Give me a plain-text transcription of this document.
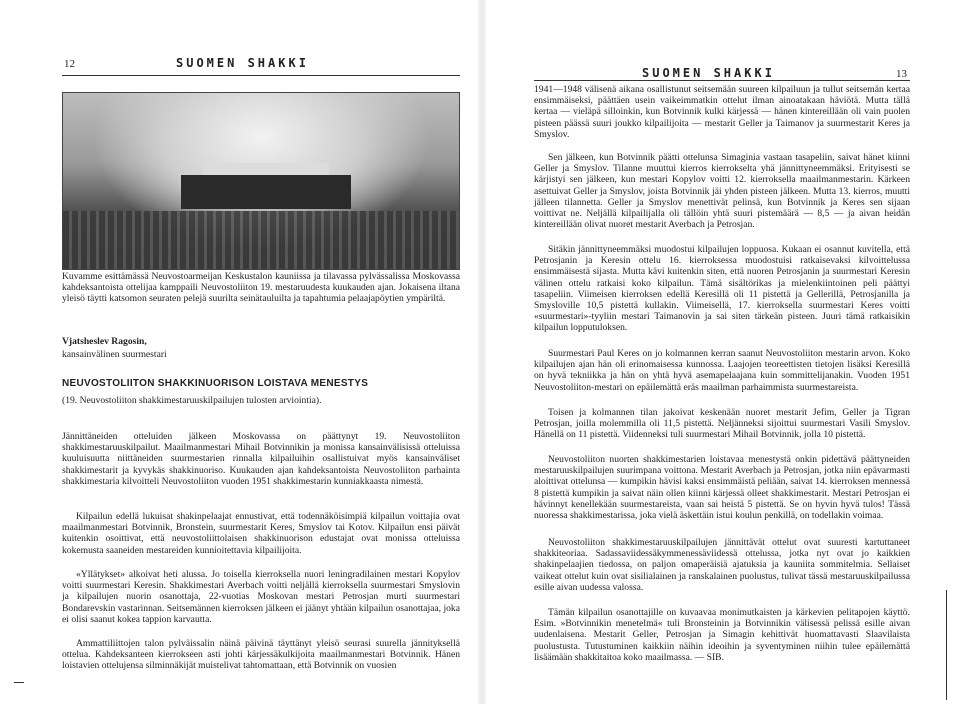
12	SUOMEN SHAKKI

Kuvamme esittämässä Neuvostoarmeijan Keskustalon kauniissa ja tilavassa pylvässalissa Moskovassa kahdeksantoista ottelijaa kamppaili Neuvostoliiton 19. mestaruudesta kuukauden ajan. Jokaisena iltana yleisö täytti katsomon seuraten pelejä suurilta seinätauluilta ja tapahtumia pelaajapöytien ympäriltä.

Vjatsheslev Ragosin,
kansainvälinen suurmestari
NEUVOSTOLIITON SHAKKINUORISON LOISTAVA MENESTYS
(19. Neuvostoliiton shakkimestaruuskilpailujen tulosten arviointia).

Jännittäneiden otteluiden jälkeen Moskovassa on päättynyt 19. Neuvostoliiton shakkimestaruuskilpailut. Maailmanmestari Mihail Botvinnikin ja monissa kansainvälisissä otteluissa kuuluisuutta niittäneiden suurmestarien rinnalla kilpailuihin osallistuivat myös kansainväliset shakkimestarit ja kyvykäs shakkinuoriso. Kuukauden ajan kahdeksantoista Neuvostoliiton parhainta shakkimestaria kilvoitteli Neuvostoliiton vuoden 1951 shakkimestarin kunniakkaasta nimestä.

Kilpailun edellä lukuisat shakinpelaajat ennustivat, että todennäköisimpiä kilpailun voittajia ovat maailmanmestari Botvinnik, Bronstein, suurmestarit Keres, Smyslov tai Kotov. Kilpailun ensi päivät kuitenkin osoittivat, että neuvostoliittolaisen shakkinuorison edustajat ovat monissa otteluissa kokemusta saaneiden mestareiden kunnioitettavia kilpailijoita.

«Yllätykset» alkoivat heti alussa. Jo toisella kierroksella nuori leningradilainen mestari Kopylov voitti suurmestari Keresin. Shakkimestari Averbach voitti neljällä kierroksella suurmestari Smyslovin ja kilpailujen nuorin osanottaja, 22-vuotias Moskovan mestari Petrosjan murti suurmestari Bondarevskin vastarinnan. Seitsemännen kierroksen jälkeen ei jäänyt yhtään kilpailun osanottajaa, joka ei olisi saanut kokea tappion karvautta.

Ammattiliittojen talon pylväissalin näinä päivinä täyttänyt yleisö seurasi suurella jännityksellä ottelua. Kahdeksanteen kierrokseen asti johti kärjessäkulkijoita maailmanmestari Botvinnik. Hänen loistavien ottelujensa silminnäkijät muistelivat tahtomattaan, että Botvinnik on vuosien

SUOMEN SHAKKI	13

1941—1948 välisenä aikana osallistunut seitsemään suureen kilpailuun ja tullut seitsemän kertaa ensimmäiseksi, päättäen usein vaikeimmatkin ottelut ilman ainoatakaan häviötä. Mutta tällä kertaa — vieläpä silloinkin, kun Botvinnik kulki kärjessä — hänen kintereillään oli vain puolen pisteen päässä suuri joukko kilpailijoita — mestarit Geller ja Taimanov ja suurmestarit Keres ja Smyslov.

Sen jälkeen, kun Botvinnik päätti ottelunsa Simaginia vastaan tasapeliin, saivat hänet kiinni Geller ja Smyslov. Tilanne muuttui kierros kierrokselta yhä jännittyneemmäksi. Erityisesti se kärjistyi sen jälkeen, kun mestari Kopylov voitti 12. kierroksella maailmanmestarin. Kärkeen asettuivat Geller ja Smyslov, joista Botvinnik jäi yhden pisteen jälkeen. Mutta 13. kierros, muutti jälleen tilannetta. Geller ja Smyslov menettivät pelinsä, kun Botvinnik ja Keres sen sijaan voittivat ne. Neljällä kilpailijalla oli tällöin yhtä suuri pistemäärä — 8,5 — ja aivan heidän kintereillään olivat nuoret mestarit Averbach ja Petrosjan.

Sitäkin jännittyneemmäksi muodostui kilpailujen loppuosa. Kukaan ei osannut kuvitella, että Petrosjanin ja Keresin ottelu 16. kierroksessa muodostuisi ratkaisevaksi kilvoittelussa ensimmäisestä sijasta. Mutta kävi kuitenkin siten, että nuoren Petrosjanin ja suurmestari Keresin välinen ottelu ratkaisi koko kilpailun. Tämä sisältörikas ja mielenkiintoinen peli päättyi tasapeliin. Viimeisen kierroksen edellä Keresillä oli 11 pistettä ja Gellerillä, Petrosjanilla ja Smysloville 10,5 pistettä kullakin. Viimeisellä, 17. kierroksella suurmestari Keres voitti «suurmestari»-tyyliin mestari Taimanovin ja sai siten tärkeän pisteen. Juuri tämä ratkaisikin kilpailun lopputuloksen.

Suurmestari Paul Keres on jo kolmannen kerran saanut Neuvostoliiton mestarin arvon. Koko kilpailujen ajan hän oli erinomaisessa kunnossa. Laajojen teoreettisten tietojen lisäksi Keresillä on hyvä tekniikka ja hän on yhtä hyvä asemapelaajana kuin sommittelijanakin. Vuoden 1951 Neuvostoliiton-mestari on epäilemättä eräs maailman parhaimmista suurmestareista.

Toisen ja kolmannen tilan jakoivat keskenään nuoret mestarit Jefim, Geller ja Tigran Petrosjan, joilla molemmilla oli 11,5 pistettä. Neljänneksi sijoittui suurmestari Vasili Smyslov. Hänellä on 11 pistettä. Viidenneksi tuli suurmestari Mihail Botvinnik, jolla 10 pistettä.

Neuvostoliiton nuorten shakkimestarien loistavaa menestystä onkin pidettävä päättyneiden mestaruuskilpailujen suurimpana voittona. Mestarit Averbach ja Petrosjan, jotka niin epävarmasti aloittivat ottelunsa — kumpikin hävisi kaksi ensimmäistä peliään, saivat 14. kierroksen mennessä 8 pistettä kumpikin ja saivat näin ollen kiinni kärjessä olleet shakkimestarit. Mestari Petrosjan ei hävinnyt kenellekään suurmestareista, vaan sai heistä 5 pistettä. Se on hyvin hyvä tulos! Tässä nuoressa shakkimestarissa, joka vielä äskettäin istui koulun penkillä, on todellakin voimaa.

Neuvostoliiton shakkimestaruuskilpailujen jännittävät ottelut ovat suuresti kartuttaneet shakkiteoriaa. Sadassaviidessäkymmenessäviidessä ottelussa, jotka nyt ovat jo kaikkien shakinpelaajien tiedossa, on paljon omaperäisiä ajatuksia ja kauniita sommitelmia. Sellaiset vaikeat ottelut kuin ovat sisilialainen ja ranskalainen puolustus, tulivat tässä mestaruuskilpailussa esille aivan uudessa valossa.

Tämän kilpailun osanottajille on kuvaavaa monimutkaisten ja kärkevien pelitapojen käyttö. Esim. »Botvinnikin menetelmä« tuli Bronsteinin ja Botvinnikin välisessä pelissä esille aivan uudenlaisena. Mestarit Geller, Petrosjan ja Simagin kehittivät huomattavasti Slaavilaista puolustusta. Tutustuminen kaikkiin näihin ideoihin ja syventyminen niihin tulee epäilemättä lisäämään shakkitaitoa koko maailmassa. — SIB.
